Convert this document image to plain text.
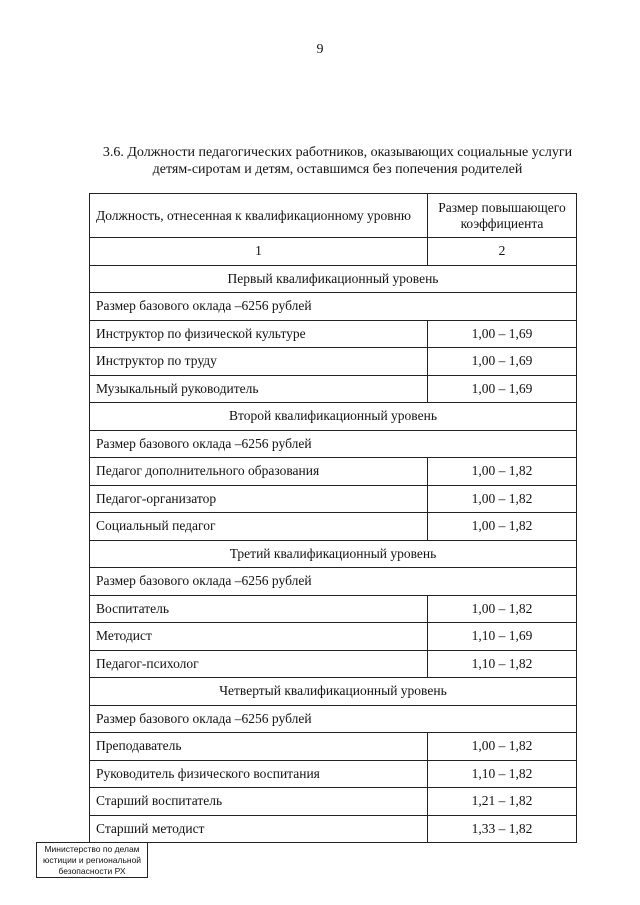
9
3.6. Должности педагогических работников, оказывающих социальные услуги
детям-сиротам и детям, оставшимся без попечения родителей
Должность, отнесенная к квалификационному уровню	Размер повышающего коэффициента
1	2
Первый квалификационный уровень	
Размер базового оклада –6256 рублей	
Инструктор по физической культуре	1,00 – 1,69
Инструктор по труду	1,00 – 1,69
Музыкальный руководитель	1,00 – 1,69
Второй квалификационный уровень	
Размер базового оклада –6256 рублей	
Педагог дополнительного образования	1,00 – 1,82
Педагог-организатор	1,00 – 1,82
Социальный педагог	1,00 – 1,82
Третий квалификационный уровень	
Размер базового оклада –6256 рублей	
Воспитатель	1,00 – 1,82
Методист	1,10 – 1,69
Педагог-психолог	1,10 – 1,82
Четвертый квалификационный уровень	
Размер базового оклада –6256 рублей	
Преподаватель	1,00 – 1,82
Руководитель физического воспитания	1,10 – 1,82
Старший воспитатель	1,21 – 1,82
Старший методист	1,33 – 1,82
Министерство по делам
юстиции и региональной
безопасности РХ
